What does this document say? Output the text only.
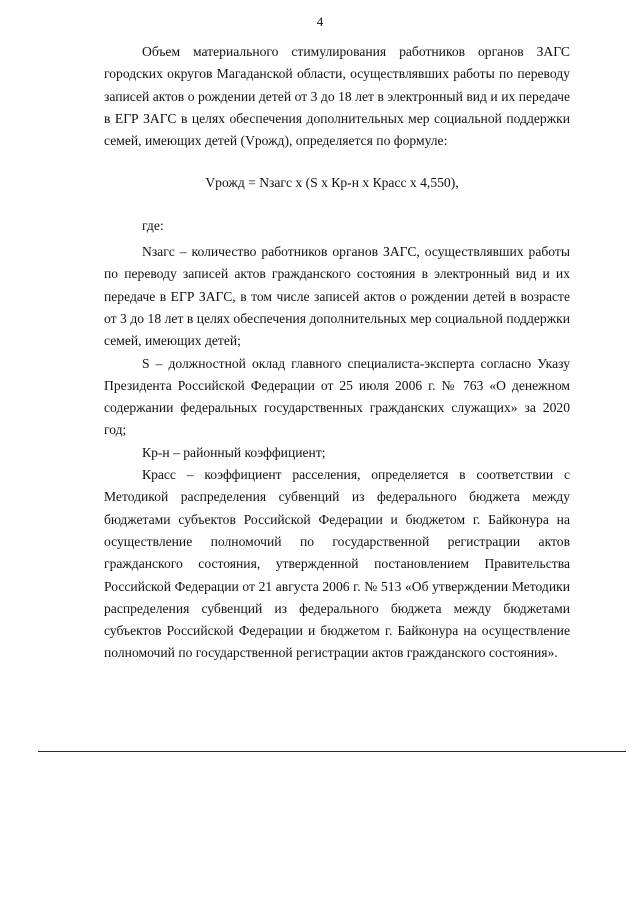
4

Объем материального стимулирования работников органов ЗАГС городских округов Магаданской области, осуществлявших работы по переводу записей актов о рождении детей от 3 до 18 лет в электронный вид и их передаче в ЕГР ЗАГС в целях обеспечения дополнительных мер социальной поддержки семей, имеющих детей (Vрожд), определяется по формуле:

Vрожд = Nзагс x (S x Кр-н x Красс x 4,550),

где:

Nзагс – количество работников органов ЗАГС, осуществлявших работы по переводу записей актов гражданского состояния в электронный вид и их передаче в ЕГР ЗАГС, в том числе записей актов о рождении детей в возрасте от 3 до 18 лет в целях обеспечения дополнительных мер социальной поддержки семей, имеющих детей;

S – должностной оклад главного специалиста-эксперта согласно Указу Президента Российской Федерации от 25 июля 2006 г. № 763 «О денежном содержании федеральных государственных гражданских служащих» за 2020 год;

Кр-н – районный коэффициент;

Красс – коэффициент расселения, определяется в соответствии с Методикой распределения субвенций из федерального бюджета между бюджетами субъектов Российской Федерации и бюджетом г. Байконура на осуществление полномочий по государственной регистрации актов гражданского состояния, утвержденной постановлением Правительства Российской Федерации от 21 августа 2006 г. № 513 «Об утверждении Методики распределения субвенций из федерального бюджета между бюджетами субъектов Российской Федерации и бюджетом г. Байконура на осуществление полномочий по государственной регистрации актов гражданского состояния».
